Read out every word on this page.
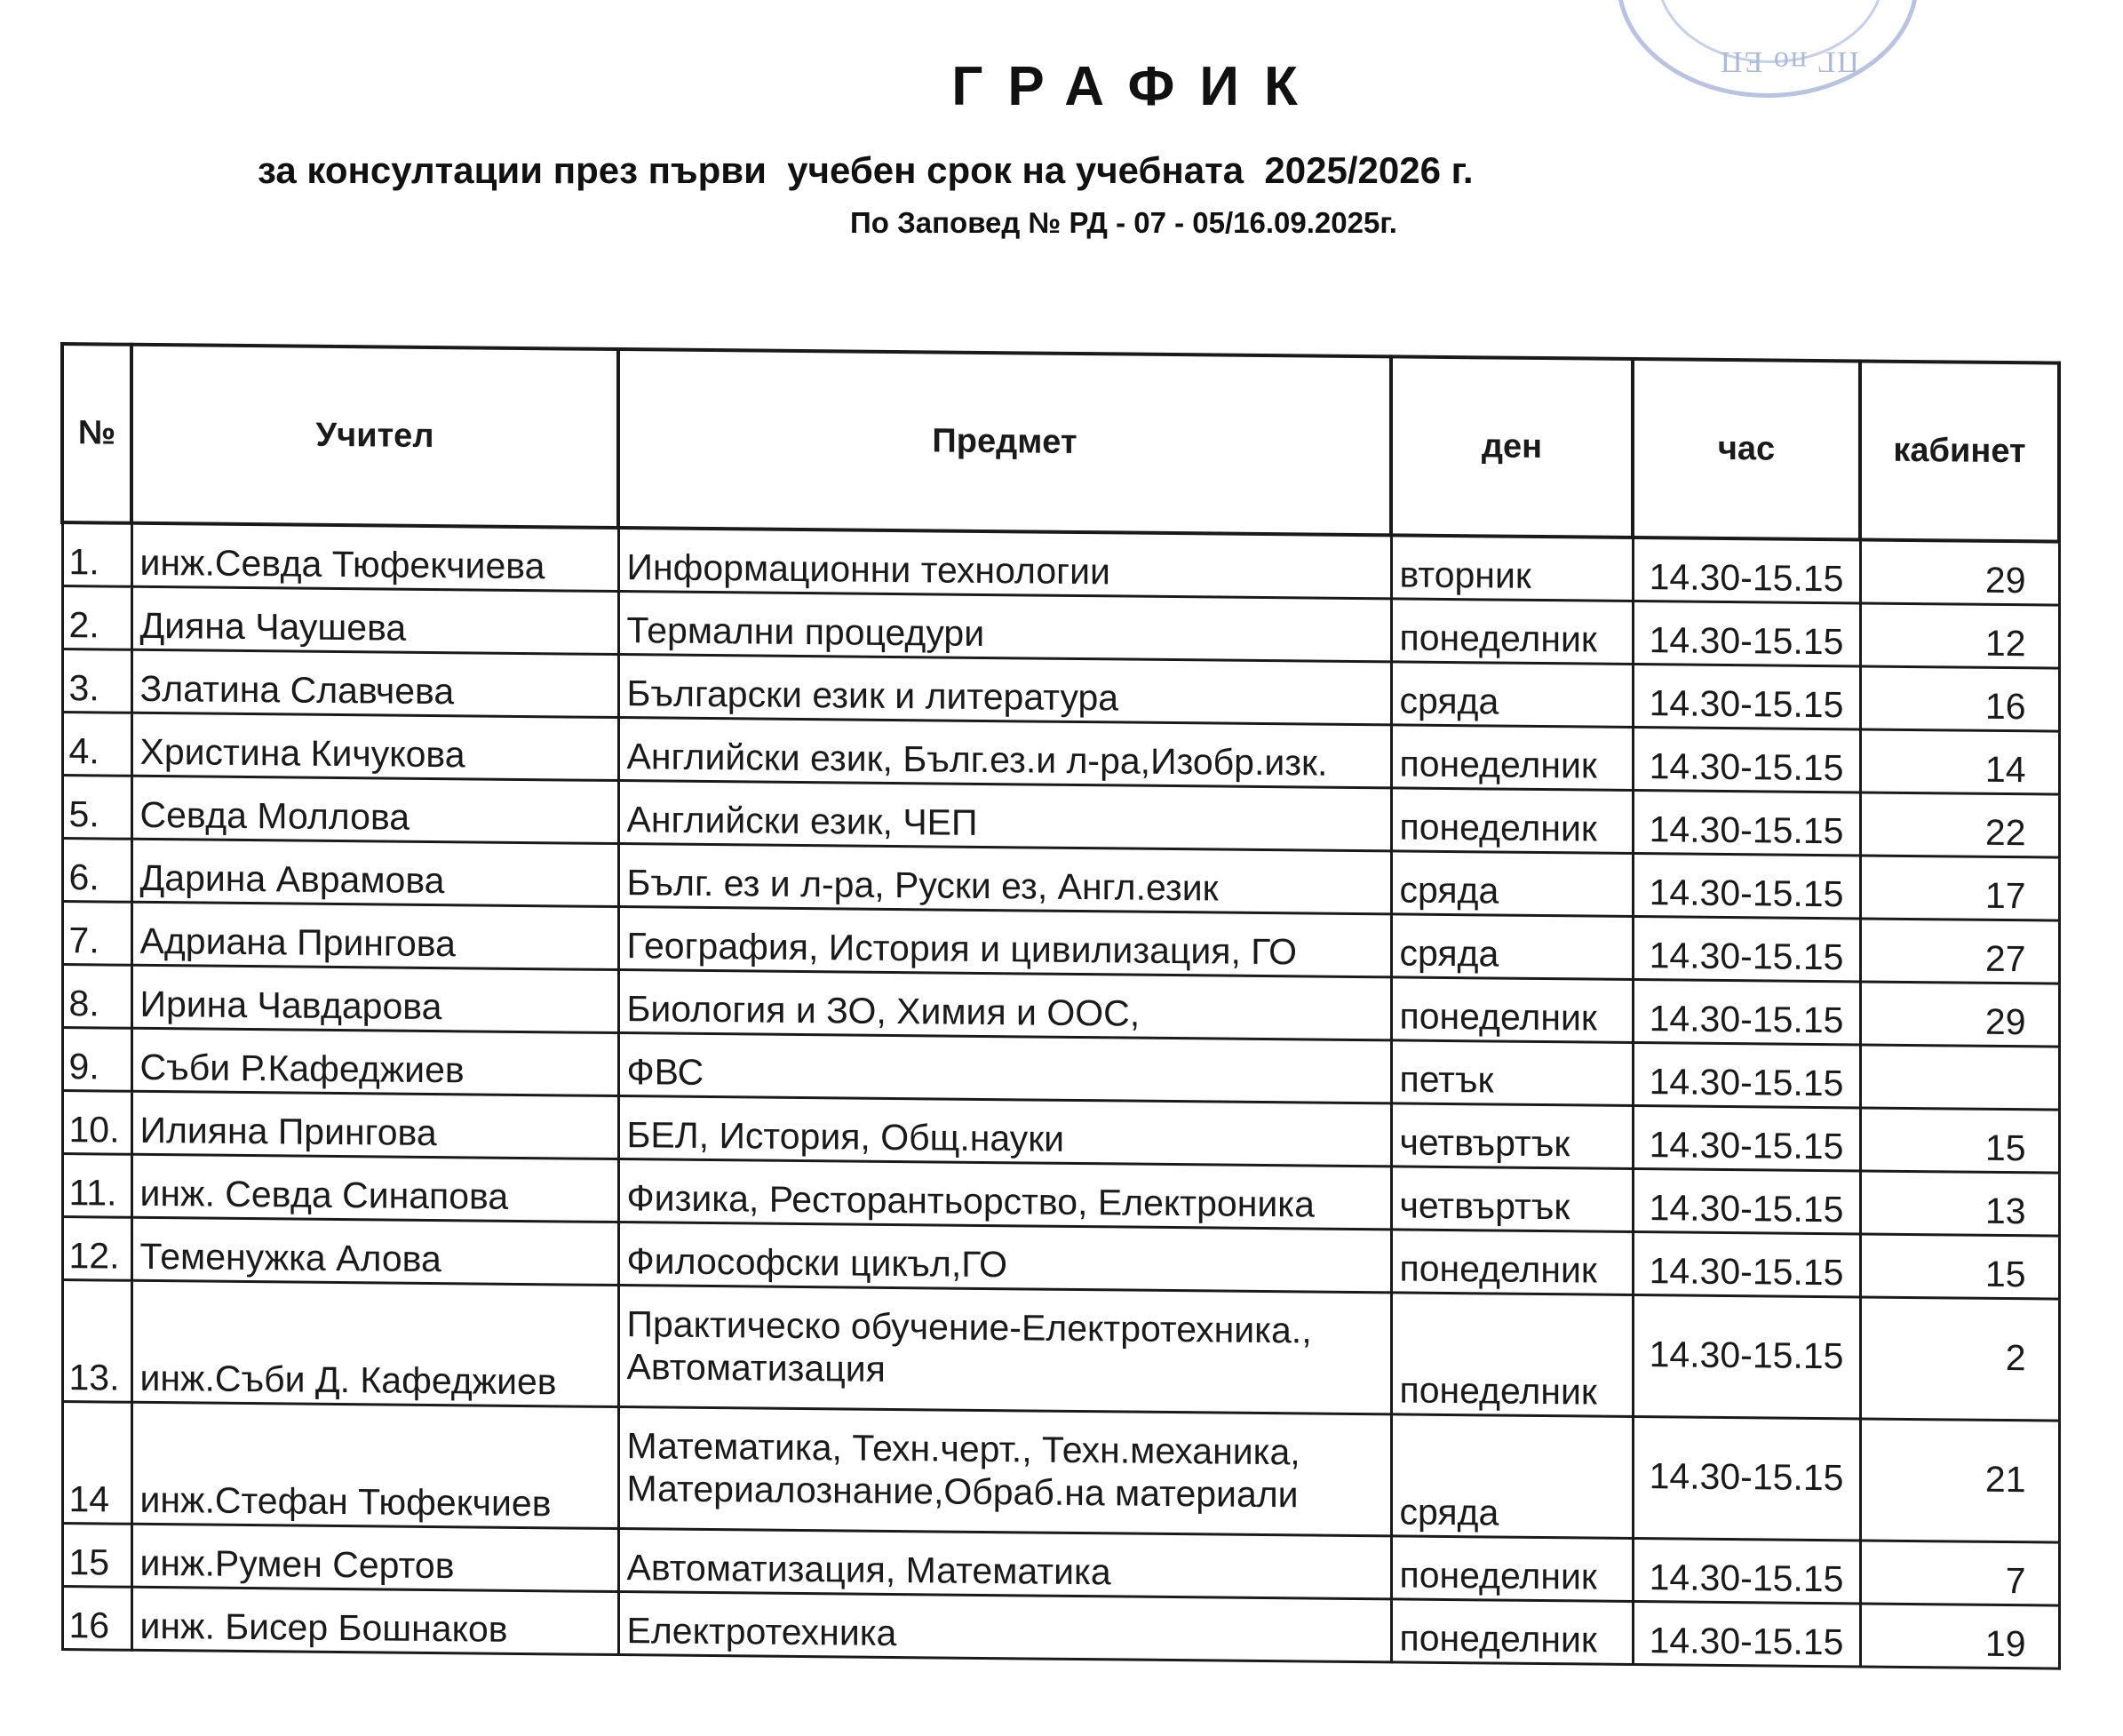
ПГ по ЕП
ГРАФИК
за консултации през първи  учебен срок на учебната  2025/2026 г.
По Заповед № РД - 07 - 05/16.09.2025г.
№	Учител	Предмет	ден	час	кабинет
1.	инж.Севда Тюфекчиева	Информационни технологии	вторник	14.30-15.15	29
2.	Дияна Чаушева	Термални процедури	понеделник	14.30-15.15	12
3.	Златина Славчева	Български език и литература	сряда	14.30-15.15	16
4.	Христина Кичукова	Английски език, Бълг.ез.и л-ра,Изобр.изк.	понеделник	14.30-15.15	14
5.	Севда Моллова	Английски език, ЧЕП	понеделник	14.30-15.15	22
6.	Дарина Аврамова	Бълг. ез и л-ра, Руски ез, Англ.език	сряда	14.30-15.15	17
7.	Адриана Прингова	География, История и цивилизация, ГО	сряда	14.30-15.15	27
8.	Ирина Чавдарова	Биология и ЗО, Химия и ООС,	понеделник	14.30-15.15	29
9.	Съби Р.Кафеджиев	ФВС	петък	14.30-15.15	
10.	Илияна Прингова	БЕЛ, История, Общ.науки	четвъртък	14.30-15.15	15
11.	инж. Севда Синапова	Физика, Ресторантьорство, Електроника	четвъртък	14.30-15.15	13
12.	Теменужка Алова	Философски цикъл,ГО	понеделник	14.30-15.15	15
13.	инж.Съби Д. Кафеджиев	Практическо обучение-Електротехника., Автоматизация	понеделник	14.30-15.15	2
14	инж.Стефан Тюфекчиев	Математика, Техн.черт., Техн.механика, Материалознание,Обраб.на материали	сряда	14.30-15.15	21
15	инж.Румен Сертов	Автоматизация, Математика	понеделник	14.30-15.15	7
16	инж. Бисер Бошнаков	Електротехника	понеделник	14.30-15.15	19
